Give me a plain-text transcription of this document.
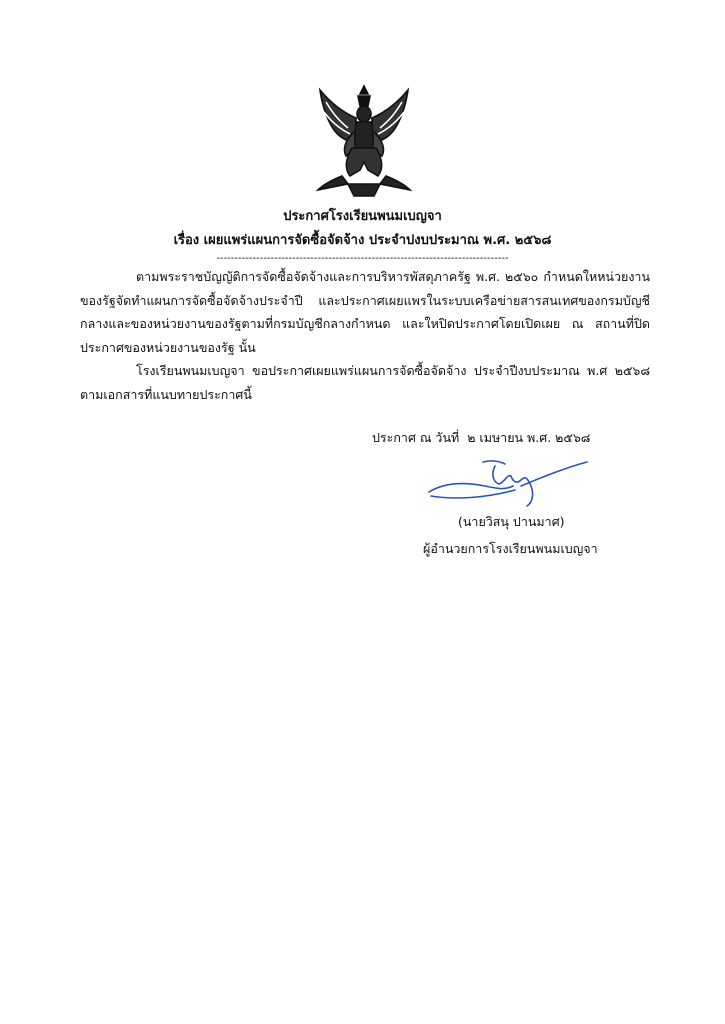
ประกาศโรงเรียนพนมเบญจา
เรื่อง เผยแพร่แผนการจัดซื้อจัดจ้าง ประจำปงบประมาณ พ.ศ. ๒๕๖๘
---------------------------------------------------------------------------------
ตามพระราชบัญญัติการจัดซื้อจัดจ้างและการบริหารพัสดุภาครัฐ พ.ศ. ๒๕๖๐ กำหนดใหหน่วยงานของรัฐจัดทำแผนการจัดซื้อจัดจ้างประจำปี และประกาศเผยแพรในระบบเครือข่ายสารสนเทศของกรมบัญชีกลางและของหน่วยงานของรัฐตามที่กรมบัญชีกลางกำหนด และใหปิดประกาศโดยเปิดเผย ณ สถานที่ปิดประกาศของหน่วยงานของรัฐ นั้น
โรงเรียนพนมเบญจา ขอประกาศเผยแพร่แผนการจัดซื้อจัดจ้าง ประจำปีงบประมาณ พ.ศ ๒๕๖๘ ตามเอกสารที่แนบทายประกาศนี้
ประกาศ ณ วันที่ ๒ เมษายน พ.ศ. ๒๕๖๘
(นายวิสนุ ปานมาศ)
ผู้อำนวยการโรงเรียนพนมเบญจา
